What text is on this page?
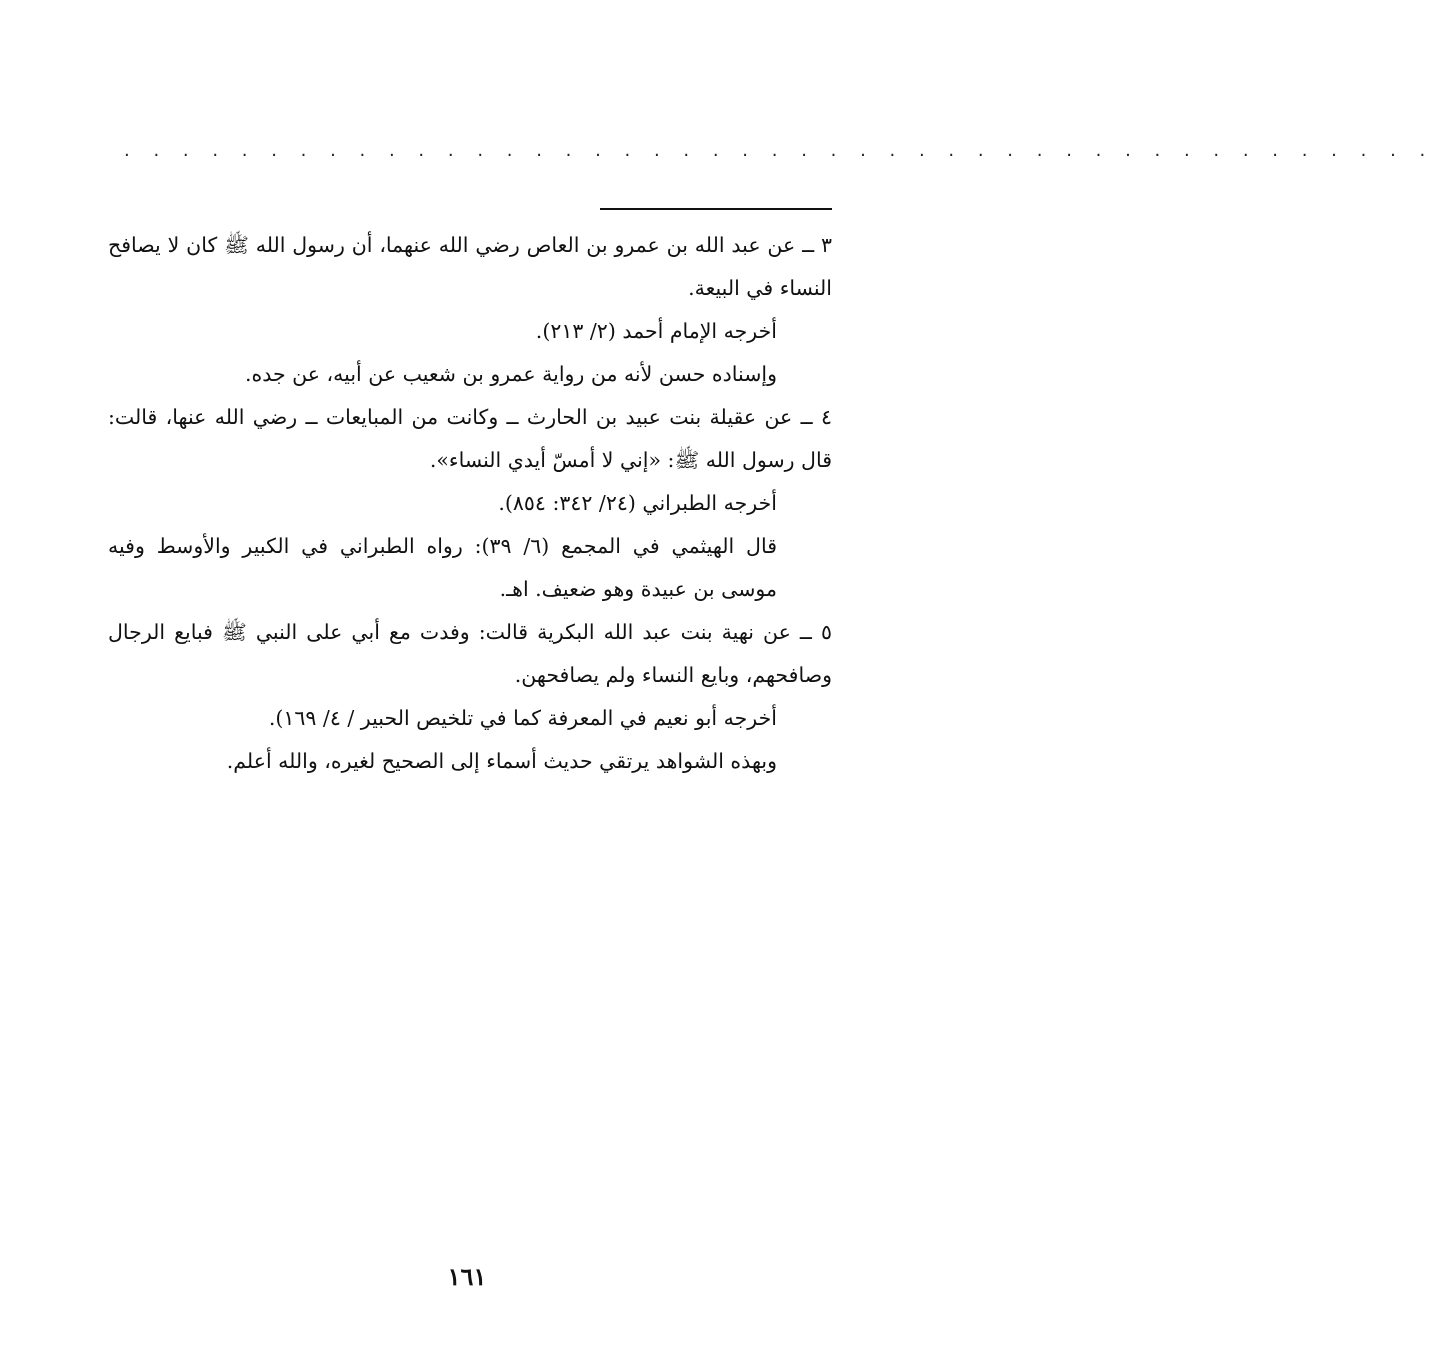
. . . . . . . . . . . . . . . . . . . . . . . . . . . . . . . . . . . . . . . . . . . . .

٣ ــ عن عبد الله بن عمرو بن العاص رضي الله عنهما، أن رسول الله ﷺ كان لا يصافح النساء في البيعة.

أخرجه الإمام أحمد (٢/ ٢١٣).

وإسناده حسن لأنه من رواية عمرو بن شعيب عن أبيه، عن جده.

٤ ــ عن عقيلة بنت عبيد بن الحارث ــ وكانت من المبايعات ــ رضي الله عنها، قالت: قال رسول الله ﷺ: «إني لا أمسّ أيدي النساء».

أخرجه الطبراني (٢٤/ ٣٤٢: ٨٥٤).

قال الهيثمي في المجمع (٦/ ٣٩): رواه الطبراني في الكبير والأوسط وفيه موسى بن عبيدة وهو ضعيف. اهـ.

٥ ــ عن نهية بنت عبد الله البكرية قالت: وفدت مع أبي على النبي ﷺ فبايع الرجال وصافحهم، وبايع النساء ولم يصافحهن.

أخرجه أبو نعيم في المعرفة كما في تلخيص الحبير / ٤/ ١٦٩).

وبهذه الشواهد يرتقي حديث أسماء إلى الصحيح لغيره، والله أعلم.

١٦١
